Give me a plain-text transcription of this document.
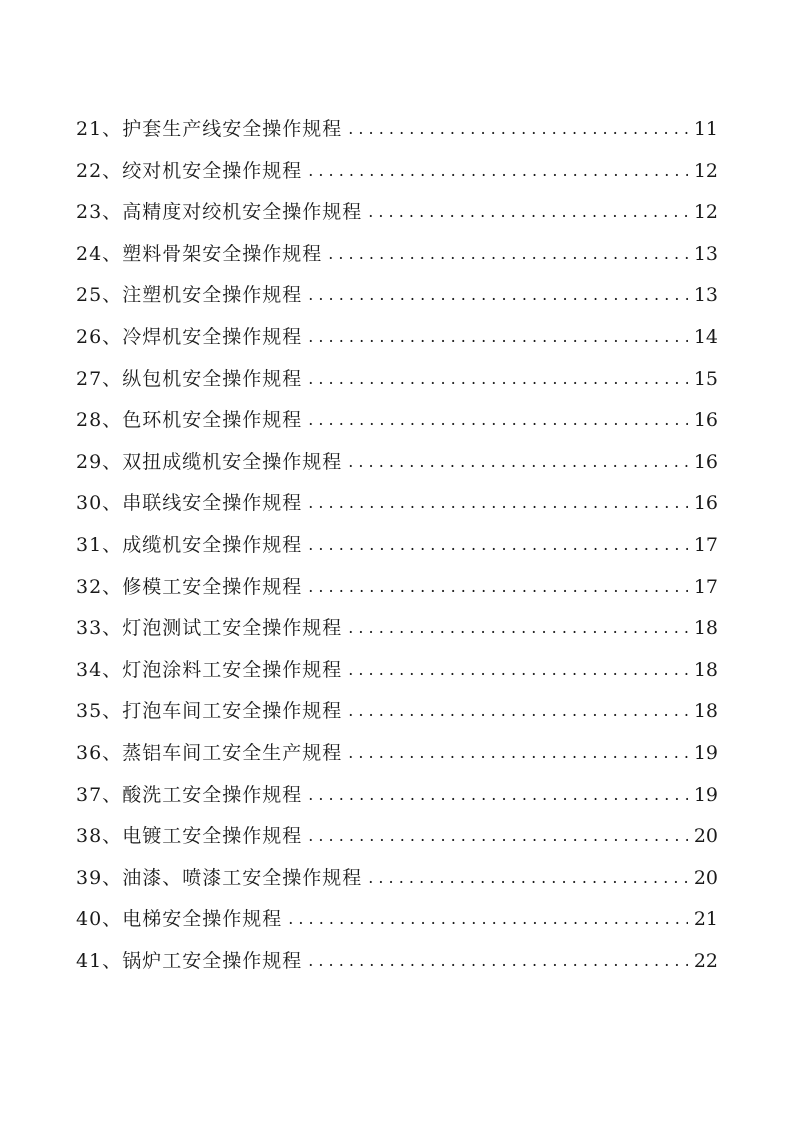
21、 护套生产线安全操作规程 . . .	11
22、 绞对机安全操作规程 . . .	12
23、 高精度对绞机安全操作规程 . . .	12
24、 塑料骨架安全操作规程 . . .	13
25、 注塑机安全操作规程 . . .	13
26、 冷焊机安全操作规程 . . .	14
27、 纵包机安全操作规程 . . .	15
28、 色环机安全操作规程 . . .	16
29、 双扭成缆机安全操作规程 . . .	16
30、 串联线安全操作规程 . . .	16
31、 成缆机安全操作规程 . . .	17
32、 修模工安全操作规程 . . .	17
33、 灯泡测试工安全操作规程 . . .	18
34、 灯泡涂料工安全操作规程 . . .	18
35、 打泡车间工安全操作规程 . . .	18
36、 蒸铝车间工安全生产规程 . . .	19
37、 酸洗工安全操作规程 . . .	19
38、 电镀工安全操作规程 . . .	20
39、 油漆、喷漆工安全操作规程 . . .	20
40、 电梯安全操作规程 . . .	21
41、 锅炉工安全操作规程 . . .	22
